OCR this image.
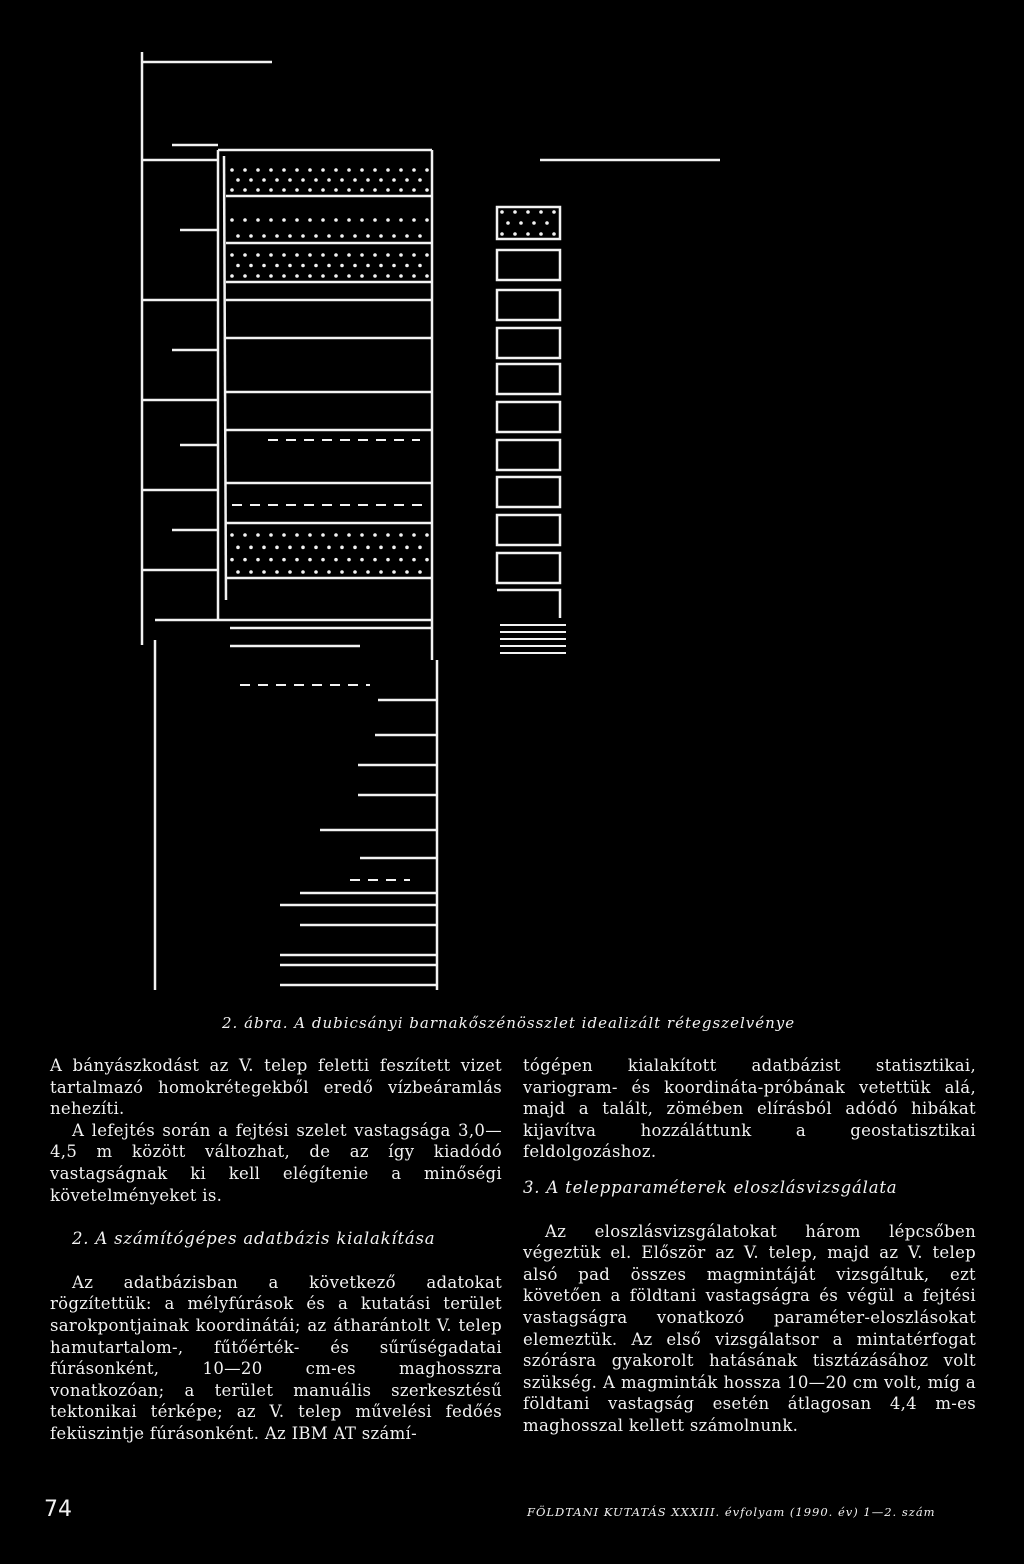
2. ábra. A dubicsányi barnakőszénösszlet idealizált rétegszelvénye

A bányászkodást az V. telep feletti feszített vizet tartalmazó homokrétegekből eredő vízbeáramlás nehezíti.

A lefejtés során a fejtési szelet vastagsága 3,0—4,5 m között változhat, de az így kiadódó vastagságnak ki kell elégítenie a minőségi követelményeket is.

2. A számítógépes adatbázis kialakítása

Az adatbázisban a következő adatokat rögzítettük: a mélyfúrások és a kutatási terület sarokpontjainak koordinátái; az átharántolt V. telep hamutartalom-, fűtőérték- és sűrűségadatai fúrásonként, 10—20 cm-es maghosszra vonatkozóan; a terület manuális szerkesztésű tektonikai térképe; az V. telep művelési fedőés feküszintje fúrásonként. Az IBM AT számí-

tógépen kialakított adatbázist statisztikai, variogram- és koordináta-próbának vetettük alá, majd a talált, zömében elírásból adódó hibákat kijavítva hozzáláttunk a geostatisztikai feldolgozáshoz.

3. A telepparaméterek eloszlásvizsgálata

Az eloszlásvizsgálatokat három lépcsőben végeztük el. Először az V. telep, majd az V. telep alsó pad összes magmintáját vizsgáltuk, ezt követően a földtani vastagságra és végül a fejtési vastagságra vonatkozó paraméter-eloszlásokat elemeztük. Az első vizsgálatsor a mintatérfogat szórásra gyakorolt hatásának tisztázásához volt szükség. A magminták hossza 10—20 cm volt, míg a földtani vastagság esetén átlagosan 4,4 m-es maghosszal kellett számolnunk.

74	FÖLDTANI KUTATÁS XXXIII. évfolyam (1990. év) 1—2. szám
